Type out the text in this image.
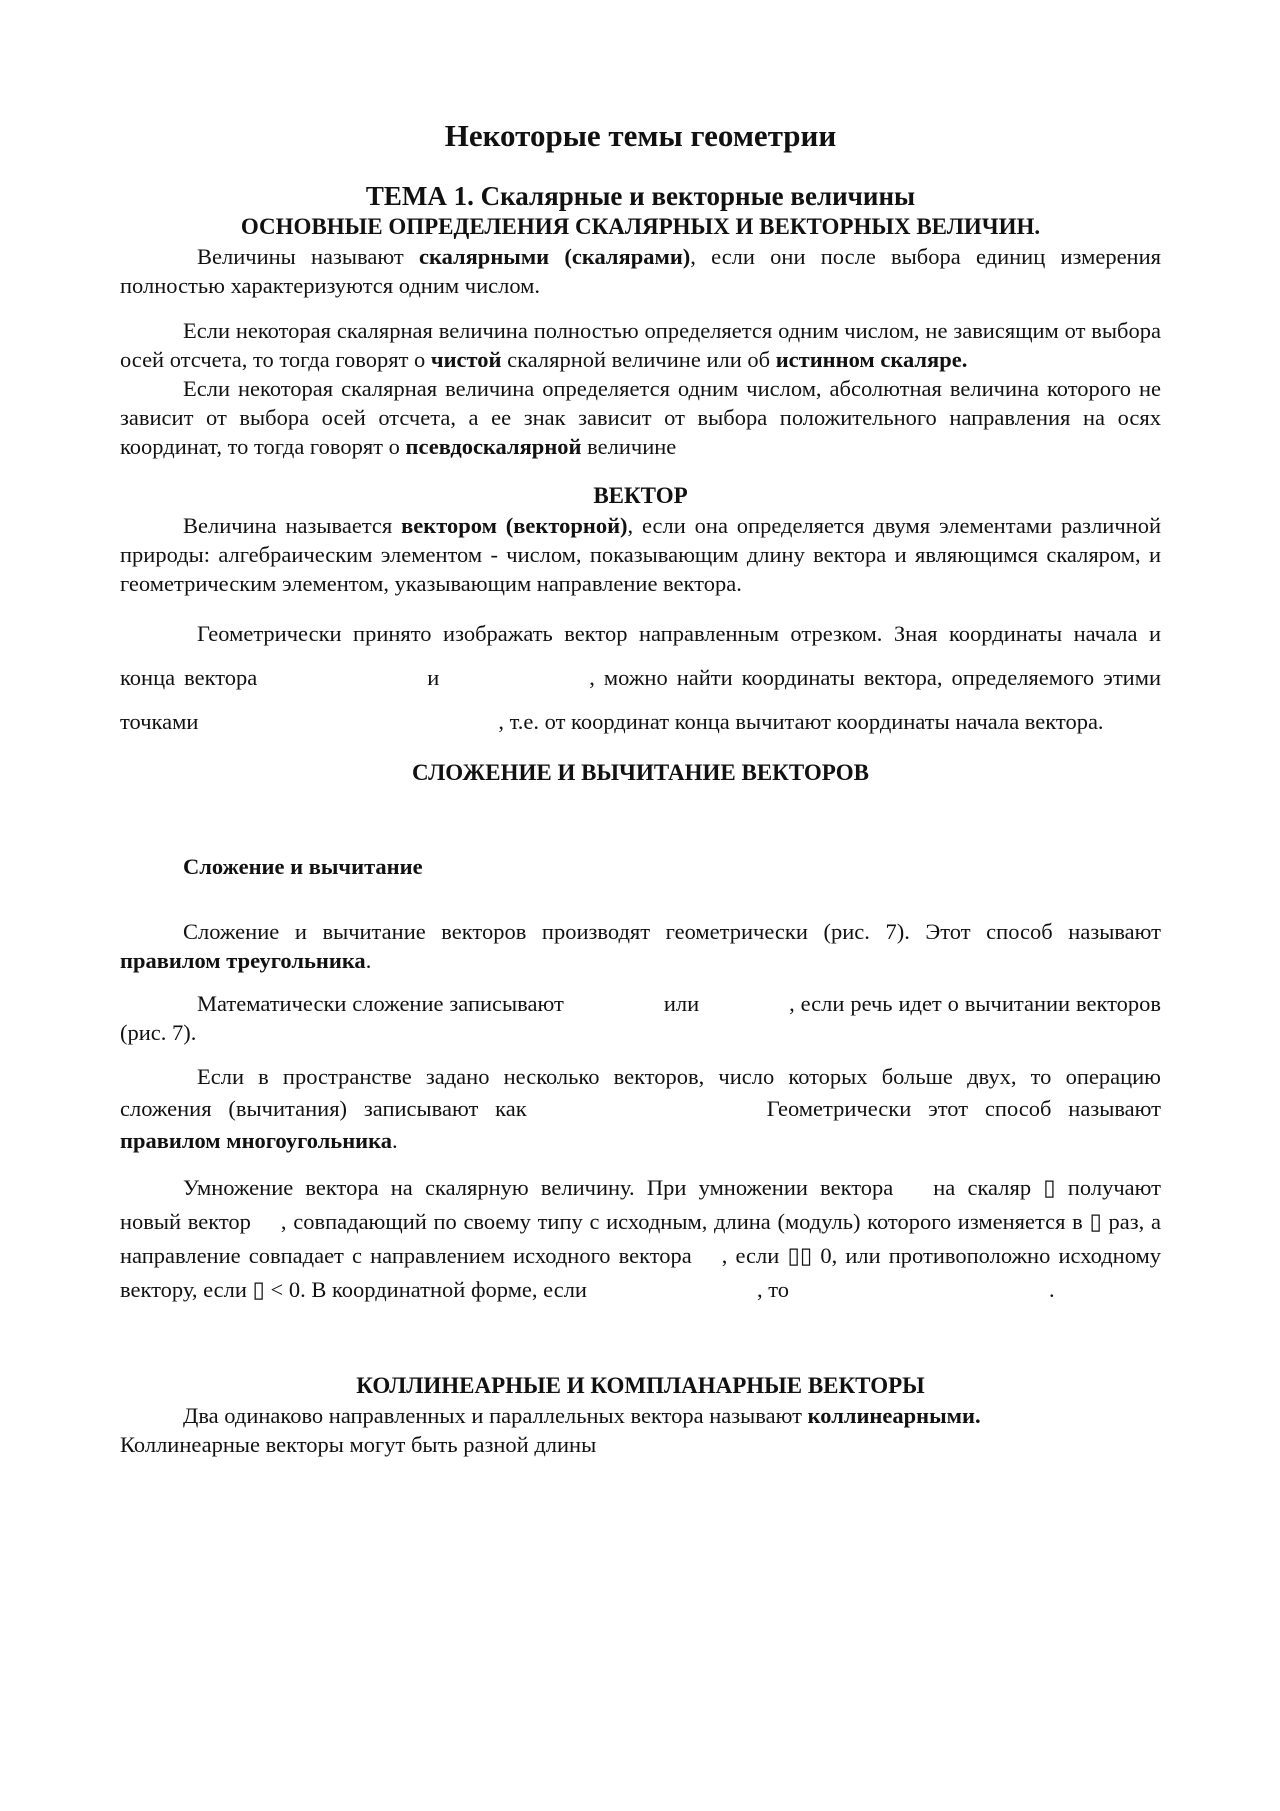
Некоторые темы геометрии
ТЕМА 1. Скалярные и векторные величины
ОСНОВНЫЕ ОПРЕДЕЛЕНИЯ СКАЛЯРНЫХ И ВЕКТОРНЫХ ВЕЛИЧИН.

Величины называют скалярными (скалярами), если они после выбора единиц измерения полностью характеризуются одним числом.

Если некоторая скалярная величина полностью определяется одним числом, не зависящим от выбора осей отсчета, то тогда говорят о чистой скалярной величине или об истинном скаляре.

Если некоторая скалярная величина определяется одним числом, абсолютная величина которого не зависит от выбора осей отсчета, а ее знак зависит от выбора положительного направления на осях координат, то тогда говорят о псевдоскалярной величине

ВЕКТОР

Величина называется вектором (векторной), если она определяется двумя элементами различной природы: алгебраическим элементом - числом, показывающим длину вектора и являющимся скаляром, и геометрическим элементом, указывающим направление вектора.

Геометрически принято изображать вектор направленным отрезком. Зная координаты начала и конца вектора	и	, можно найти координаты вектора, определяемого этими точками	, т.е. от координат конца вычитают координаты начала вектора.

СЛОЖЕНИЕ И ВЫЧИТАНИЕ ВЕКТОРОВ
Сложение и вычитание

Сложение и вычитание векторов производят геометрически (рис. 7). Этот способ называют правилом треугольника.

Математически сложение записывают	или	, если речь идет о вычитании векторов (рис. 7).

Если в пространстве задано несколько векторов, число которых больше двух, то операцию сложения (вычитания) записывают как	Геометрически этот способ называют правилом многоугольника.

Умножение вектора на скалярную величину. При умножении вектора на скаляр ▯ получают новый вектор , совпадающий по своему типу с исходным, длина (модуль) которого изменяется в ▯ раз, а направление совпадает с направлением исходного вектора , если ▯▯ 0, или противоположно исходному вектору, если ▯ < 0. В координатной форме, если	, то	.

КОЛЛИНЕАРНЫЕ И КОМПЛАНАРНЫЕ ВЕКТОРЫ

Два одинаково направленных и параллельных вектора называют коллинеарными.

Коллинеарные векторы могут быть разной длины
